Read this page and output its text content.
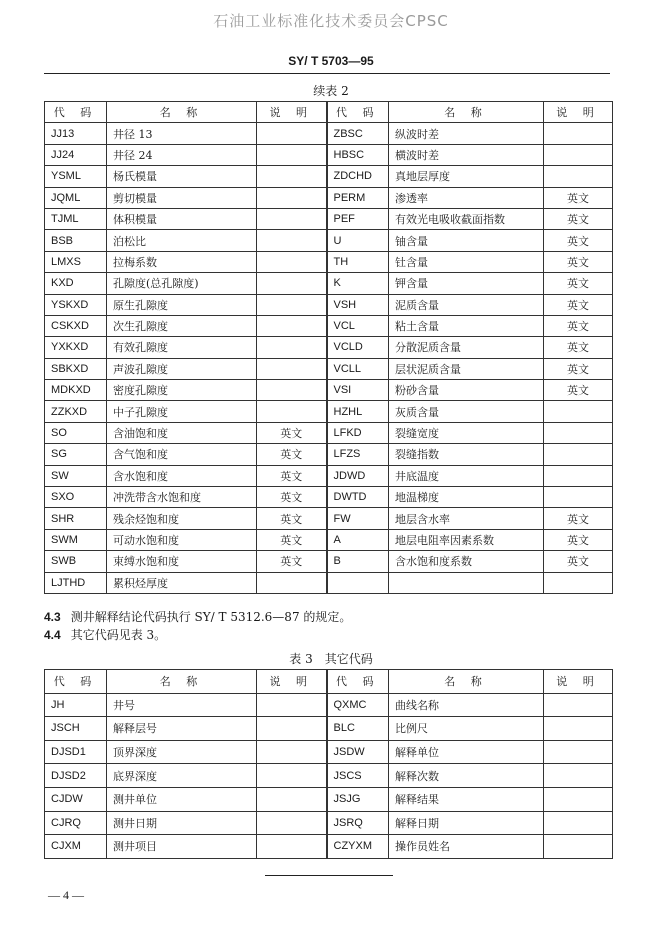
石油工业标准化技术委员会CPSC
SY/ T 5703—95
续表 2
代 码	名 称	说 明	代 码	名 称	说 明
JJ13	井径 13		ZBSC	纵波时差	
JJ24	井径 24		HBSC	横波时差	
YSML	杨氏模量		ZDCHD	真地层厚度	
JQML	剪切模量		PERM	渗透率	英文
TJML	体积模量		PEF	有效光电吸收截面指数	英文
BSB	泊松比		U	铀含量	英文
LMXS	拉梅系数		TH	钍含量	英文
KXD	孔隙度(总孔隙度)		K	钾含量	英文
YSKXD	原生孔隙度		VSH	泥质含量	英文
CSKXD	次生孔隙度		VCL	粘土含量	英文
YXKXD	有效孔隙度		VCLD	分散泥质含量	英文
SBKXD	声波孔隙度		VCLL	层状泥质含量	英文
MDKXD	密度孔隙度		VSI	粉砂含量	英文
ZZKXD	中子孔隙度		HZHL	灰质含量	
SO	含油饱和度	英文	LFKD	裂缝宽度	
SG	含气饱和度	英文	LFZS	裂缝指数	
SW	含水饱和度	英文	JDWD	井底温度	
SXO	冲洗带含水饱和度	英文	DWTD	地温梯度	
SHR	残余烃饱和度	英文	FW	地层含水率	英文
SWM	可动水饱和度	英文	A	地层电阻率因素系数	英文
SWB	束缚水饱和度	英文	B	含水饱和度系数	英文
LJTHD	累积烃厚度				
4.3 测井解释结论代码执行 SY/ T 5312.6—87 的规定。
4.4 其它代码见表 3。
表 3　其它代码
代 码	名 称	说 明	代 码	名 称	说 明
JH	井号		QXMC	曲线名称	
JSCH	解释层号		BLC	比例尺	
DJSD1	顶界深度		JSDW	解释单位	
DJSD2	底界深度		JSCS	解释次数	
CJDW	测井单位		JSJG	解释结果	
CJRQ	测井日期		JSRQ	解释日期	
CJXM	测井项目		CZYXM	操作员姓名	
— 4 —
